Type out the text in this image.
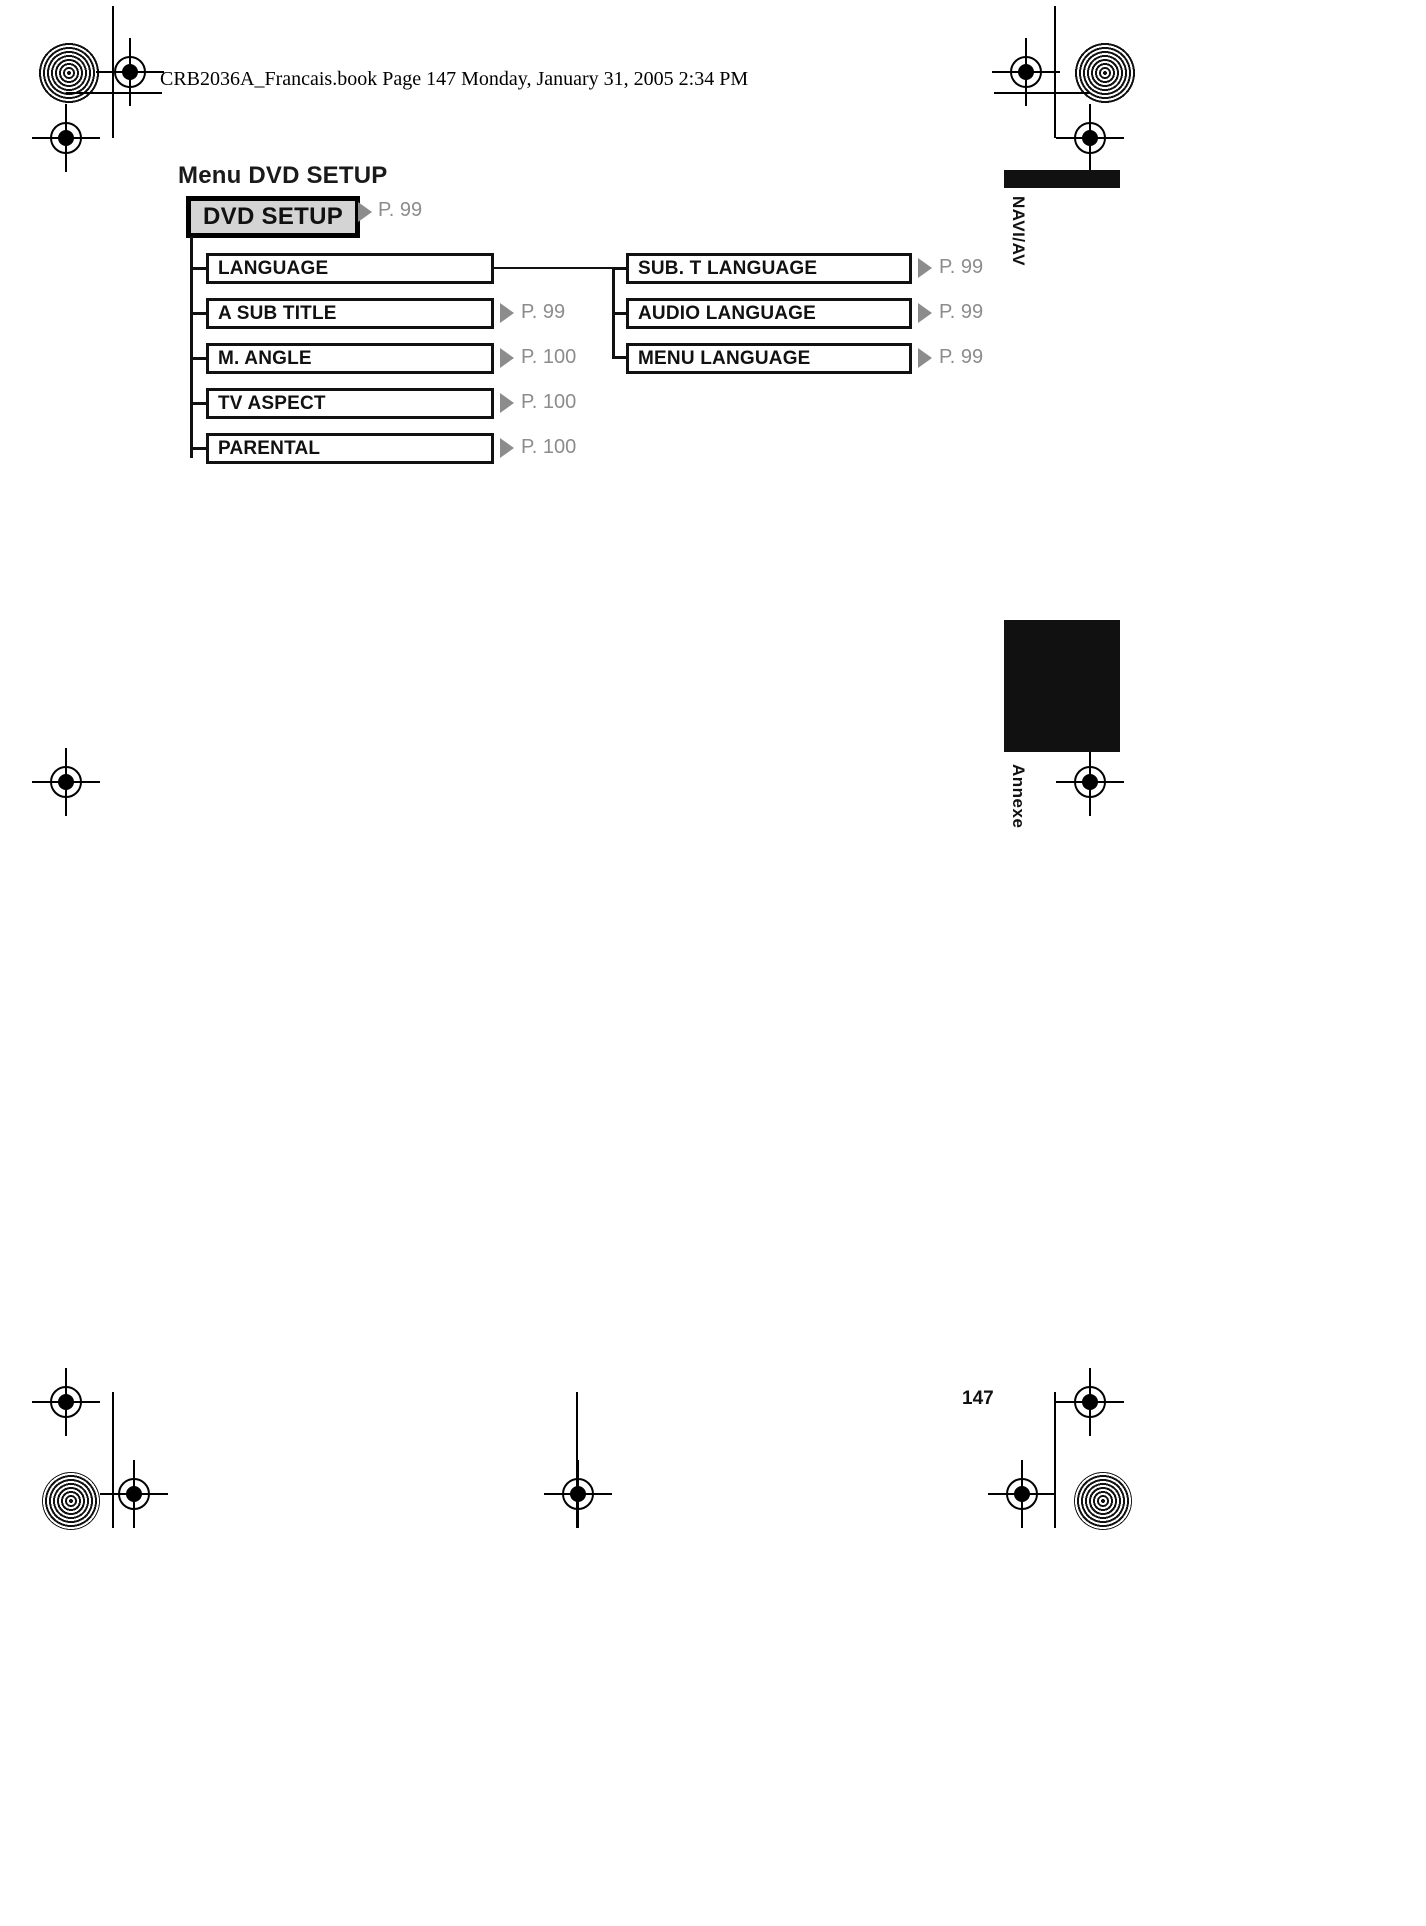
CRB2036A_Francais.book Page 147 Monday, January 31, 2005 2:34 PM
Menu DVD SETUP
DVD SETUP P. 99
LANGUAGE
A SUB TITLE	P. 99
M. ANGLE	P. 100
TV ASPECT	P. 100
PARENTAL	P. 100
SUB. T LANGUAGE	P. 99
AUDIO LANGUAGE	P. 99
MENU LANGUAGE	P. 99
NAVI/AV
Annexe
147
